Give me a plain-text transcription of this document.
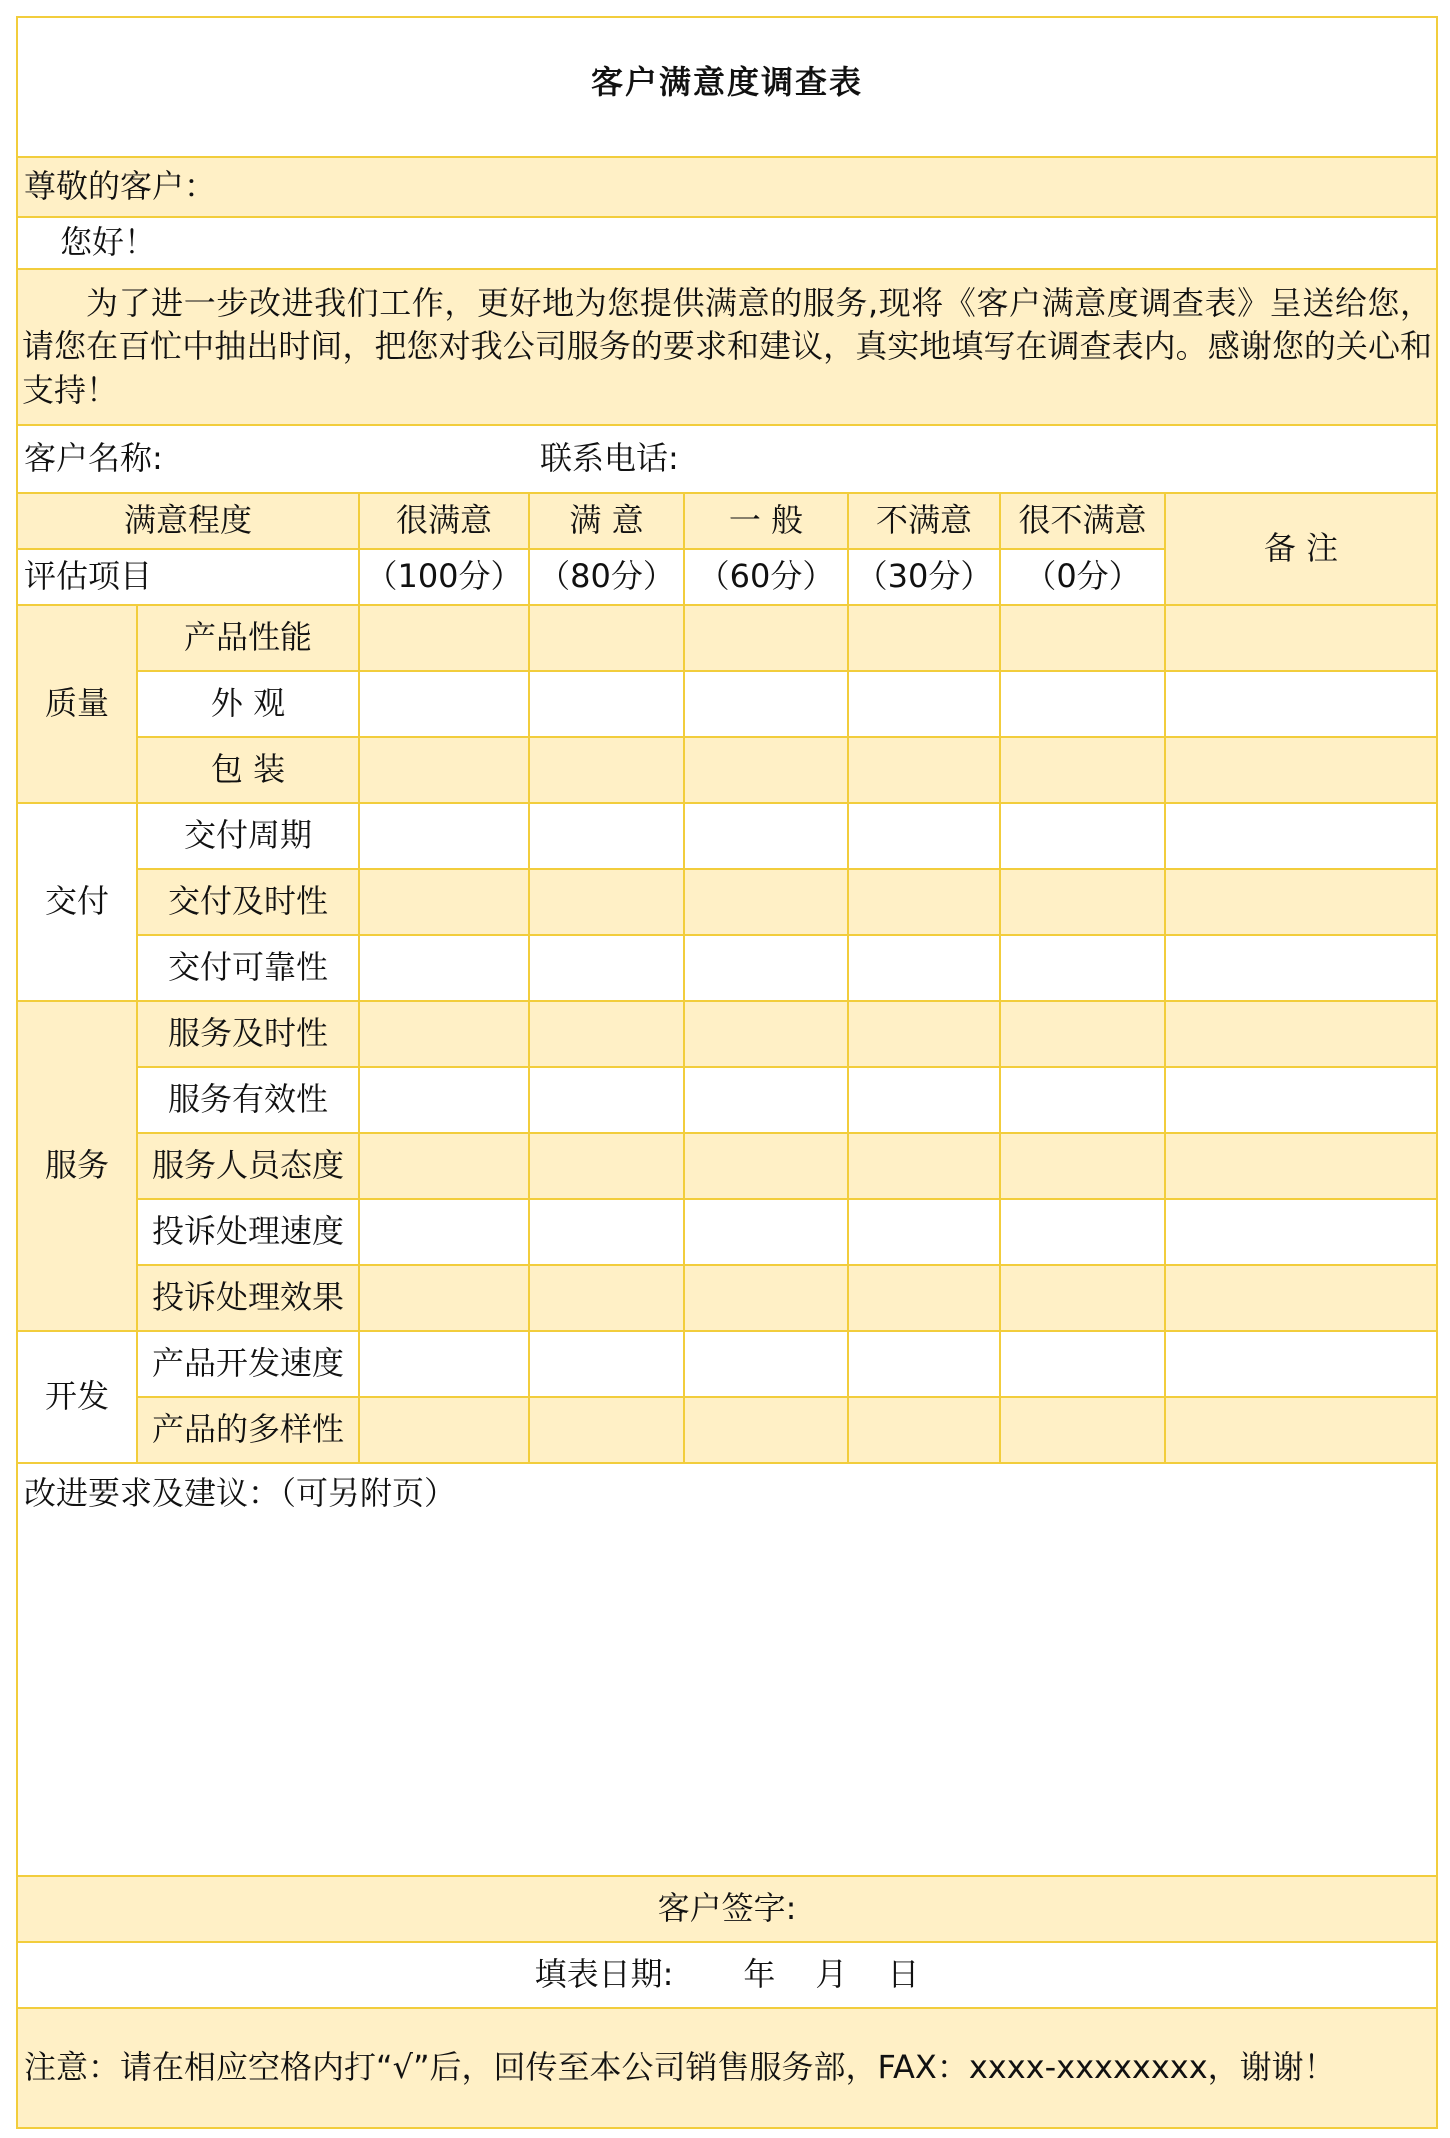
客户满意度调查表							
尊敬的客户：							
您好！							

为了进一步改进我们工作，更好地为您提供满意的服务,现将《客户满意度调查表》呈送给您，请您在百忙中抽出时间，把您对我公司服务的要求和建议，真实地填写在调查表内。感谢您的关心和支持！							

客户名称: 联系电话:							
满意程度		很满意	满 意	一 般	不满意	很不满意	备 注
评估项目		（100分）	（80分）	（60分）	（30分）	（0分）	
质量	产品性能						
	外 观						
	包 装						
交付	交付周期						
	交付及时性						
	交付可靠性						
服务	服务及时性						
	服务有效性						
	服务人员态度						
	投诉处理速度						
	投诉处理效果						
开发	产品开发速度						
	产品的多样性						
改进要求及建议：（可另附页）							
客户签字:							
填表日期: 年 月 日							
注意：请在相应空格内打“√”后，回传至本公司销售服务部，FAX：xxxx-xxxxxxxx，谢谢！							
